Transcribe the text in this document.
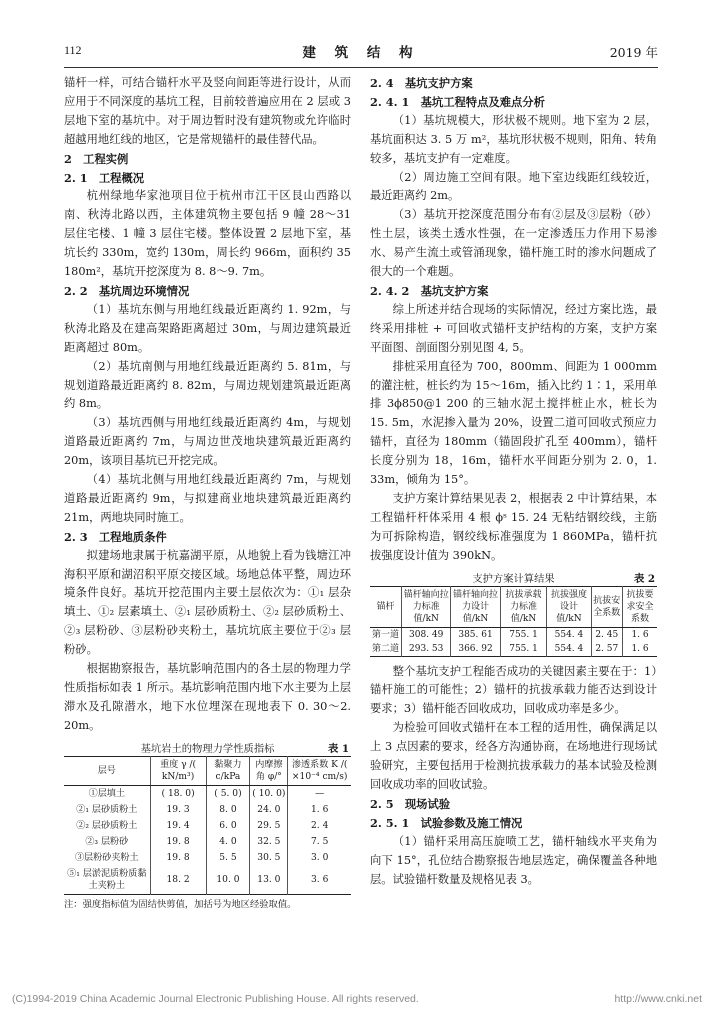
112	建 筑 结 构	2019 年

锚杆一样，可结合锚杆水平及竖向间距等进行设计，从而应用于不同深度的基坑工程，目前较普遍应用在 2 层或 3 层地下室的基坑中。对于周边暂时没有建筑物或允许临时超越用地红线的地区，它是常规锚杆的最佳替代品。

2　工程实例

2. 1　工程概况

杭州绿地华家池项目位于杭州市江干区艮山西路以南、秋涛北路以西，主体建筑物主要包括 9 幢 28～31 层住宅楼、1 幢 3 层住宅楼。整体设置 2 层地下室，基坑长约 330m，宽约 130m，周长约 966m，面积约 35 180m²，基坑开挖深度为 8. 8～9. 7m。

2. 2　基坑周边环境情况

（1）基坑东侧与用地红线最近距离约 1. 92m，与秋涛北路及在建高架路距离超过 30m，与周边建筑最近距离超过 80m。

（2）基坑南侧与用地红线最近距离约 5. 81m，与规划道路最近距离约 8. 82m，与周边规划建筑最近距离约 8m。

（3）基坑西侧与用地红线最近距离约 4m，与规划道路最近距离约 7m，与周边世茂地块建筑最近距离约 20m，该项目基坑已开挖完成。

（4）基坑北侧与用地红线最近距离约 7m，与规划道路最近距离约 9m，与拟建商业地块建筑最近距离约 21m，两地块同时施工。

2. 3　工程地质条件

拟建场地隶属于杭嘉湖平原，从地貌上看为钱塘江冲海积平原和湖沼积平原交接区域。场地总体平整，周边环境条件良好。基坑开挖范围内主要土层依次为：①₁ 层杂填土、①₂ 层素填土、②₁ 层砂质粉土、②₂ 层砂质粉土、②₃ 层粉砂、③层粉砂夹粉土，基坑坑底主要位于②₃ 层粉砂。

根据勘察报告，基坑影响范围内的各土层的物理力学性质指标如表 1 所示。基坑影响范围内地下水主要为上层滞水及孔隙潜水，地下水位埋深在现地表下 0. 30～2. 20m。

基坑岩土的物理力学性质指标	表 1
层号	重度 γ /( kN/m³)	黏聚力 c/kPa	内摩擦角 φ/°	渗透系数 K /( ×10⁻⁴ cm/s)
①层填土	( 18. 0)	( 5. 0)	( 10. 0)	—
②₁ 层砂质粉土	19. 3	8. 0	24. 0	1. 6
②₂ 层砂质粉土	19. 4	6. 0	29. 5	2. 4
②₃ 层粉砂	19. 8	4. 0	32. 5	7. 5
③层粉砂夹粉土	19. 8	5. 5	30. 5	3. 0
⑤₁ 层淤泥质粉质黏土夹粉土	18. 2	10. 0	13. 0	3. 6
注：强度指标值为固结快剪值，加括号为地区经验取值。

2. 4　基坑支护方案

2. 4. 1　基坑工程特点及难点分析

（1）基坑规模大，形状极不规则。地下室为 2 层，基坑面积达 3. 5 万 m²，基坑形状极不规则，阳角、转角较多，基坑支护有一定难度。

（2）周边施工空间有限。地下室边线距红线较近，最近距离约 2m。

（3）基坑开挖深度范围分布有②层及③层粉（砂）性土层，该类土透水性强，在一定渗透压力作用下易渗水、易产生流土或管涌现象，锚杆施工时的渗水问题成了很大的一个难题。

2. 4. 2　基坑支护方案

综上所述并结合现场的实际情况，经过方案比选，最终采用排桩 + 可回收式锚杆支护结构的方案，支护方案平面图、剖面图分别见图 4, 5。

排桩采用直径为 700，800mm、间距为 1 000mm 的灌注桩，桩长约为 15～16m，插入比约 1∶1，采用单排 3ϕ850@1 200 的三轴水泥土搅拌桩止水，桩长为 15. 5m，水泥掺入量为 20%，设置二道可回收式预应力锚杆，直径为 180mm（锚固段扩孔至 400mm），锚杆长度分别为 18，16m，锚杆水平间距分别为 2. 0，1. 33m，倾角为 15°。

支护方案计算结果见表 2，根据表 2 中计算结果，本工程锚杆杆体采用 4 根 ϕˢ 15. 24 无粘结钢绞线，主筋为可拆除构造，钢绞线标准强度为 1 860MPa，锚杆抗拔强度设计值为 390kN。

支护方案计算结果	表 2
锚杆	锚杆轴向拉力标准值/kN	锚杆轴向拉力设计值/kN	抗拔承载力标准值/kN	抗拔强度设计值/kN	抗拔安全系数	抗拔要求安全系数
第一道	308. 49	385. 61	755. 1	554. 4	2. 45	1. 6
第二道	293. 53	366. 92	755. 1	554. 4	2. 57	1. 6

整个基坑支护工程能否成功的关键因素主要在于：1）锚杆施工的可能性；2）锚杆的抗拔承载力能否达到设计要求；3）锚杆能否回收成功，回收成功率是多少。

为检验可回收式锚杆在本工程的适用性，确保满足以上 3 点因素的要求，经各方沟通协商，在场地进行现场试验研究，主要包括用于检测抗拔承载力的基本试验及检测回收成功率的回收试验。

2. 5　现场试验

2. 5. 1　试验参数及施工情况

（1）锚杆采用高压旋喷工艺，锚杆轴线水平夹角为向下 15°，孔位结合勘察报告地层选定，确保覆盖各种地层。试验锚杆数量及规格见表 3。

(C)1994-2019 China Academic Journal Electronic Publishing House. All rights reserved.	http://www.cnki.net
